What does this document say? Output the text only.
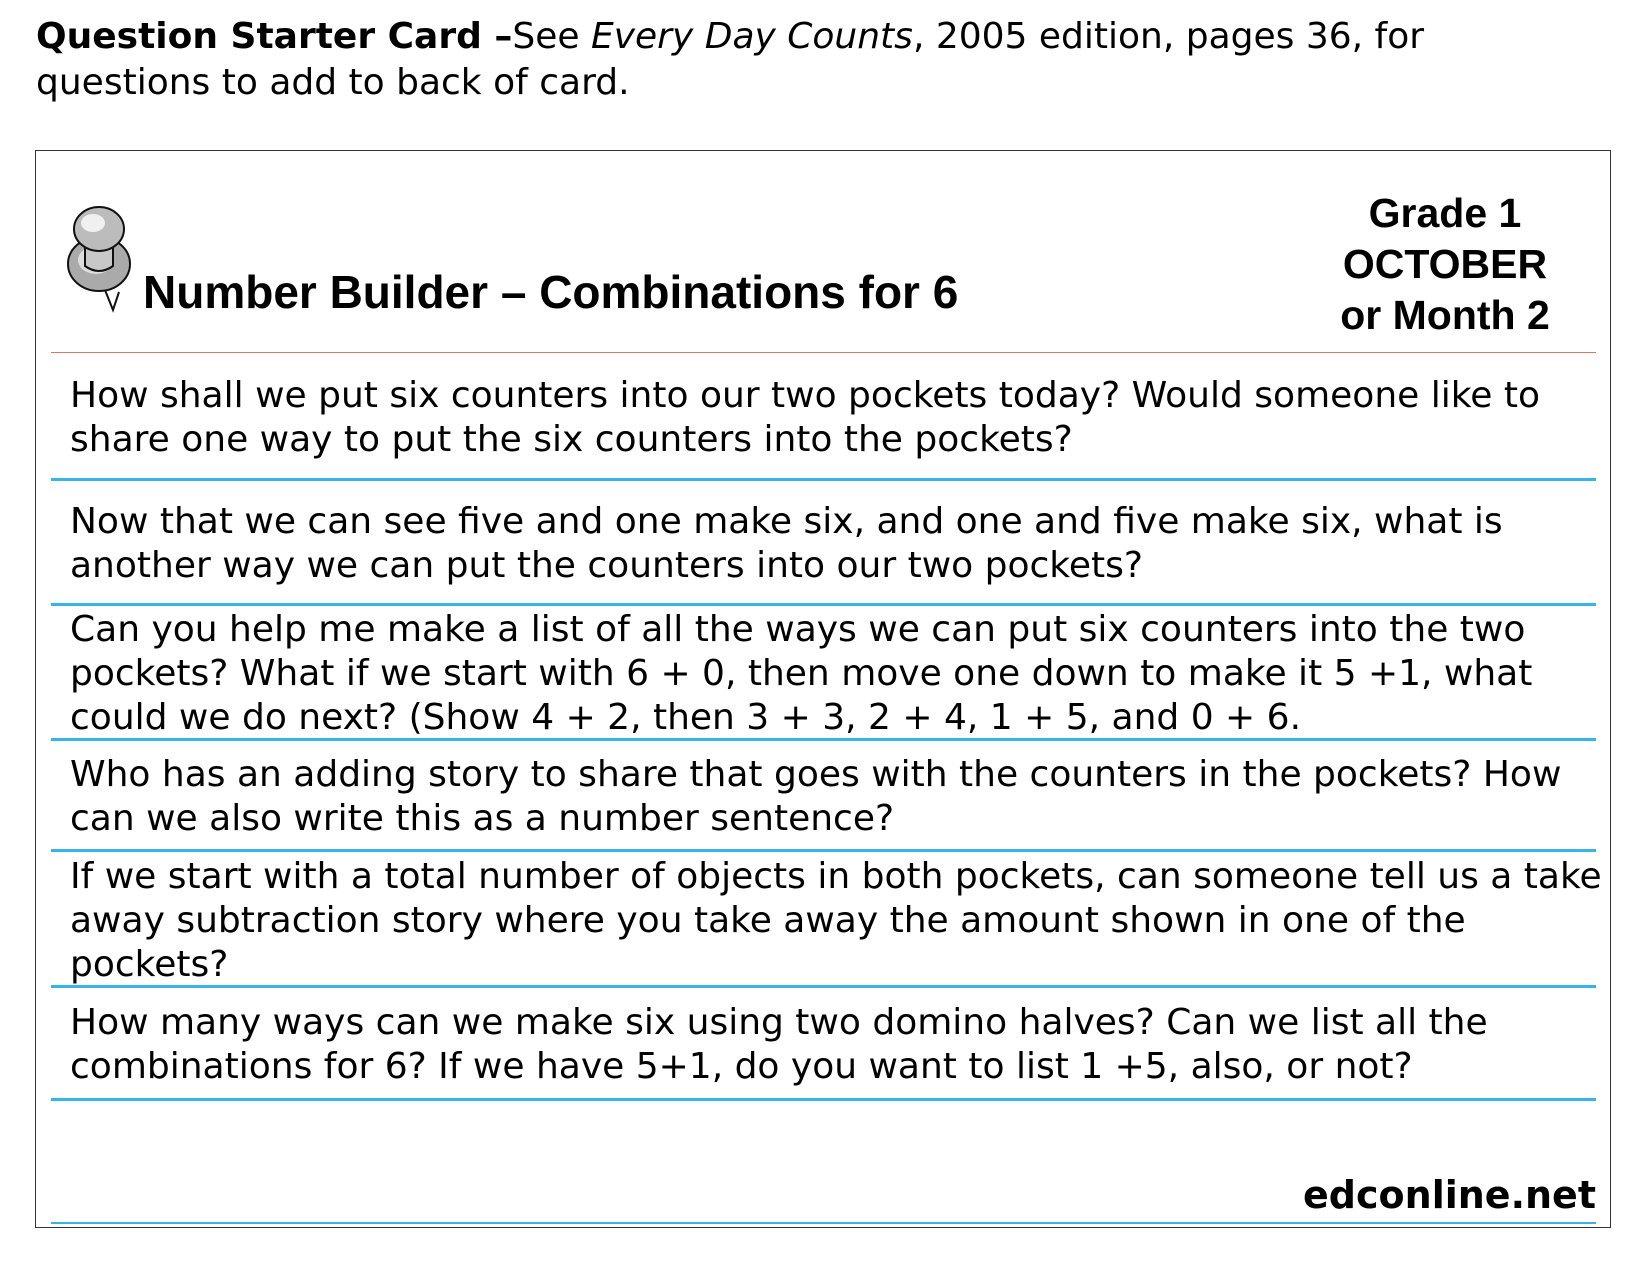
Question Starter Card –See Every Day Counts, 2005 edition, pages 36, for questions to add to back of card.
Number Builder – Combinations for 6
Grade 1
OCTOBER
or Month 2
How shall we put six counters into our two pockets today? Would someone like to share one way to put the six counters into the pockets?
Now that we can see five and one make six, and one and five make six, what is another way we can put the counters into our two pockets?
Can you help me make a list of all the ways we can put six counters into the two pockets? What if we start with 6 + 0, then move one down to make it 5 +1, what could we do next? (Show 4 + 2, then 3 + 3, 2 + 4, 1 + 5, and 0 + 6.
Who has an adding story to share that goes with the counters in the pockets? How can we also write this as a number sentence?
If we start with a total number of objects in both pockets, can someone tell us a take away subtraction story where you take away the amount shown in one of the pockets?
How many ways can we make six using two domino halves? Can we list all the combinations for 6? If we have 5+1, do you want to list 1 +5, also, or not?
edconline.net
